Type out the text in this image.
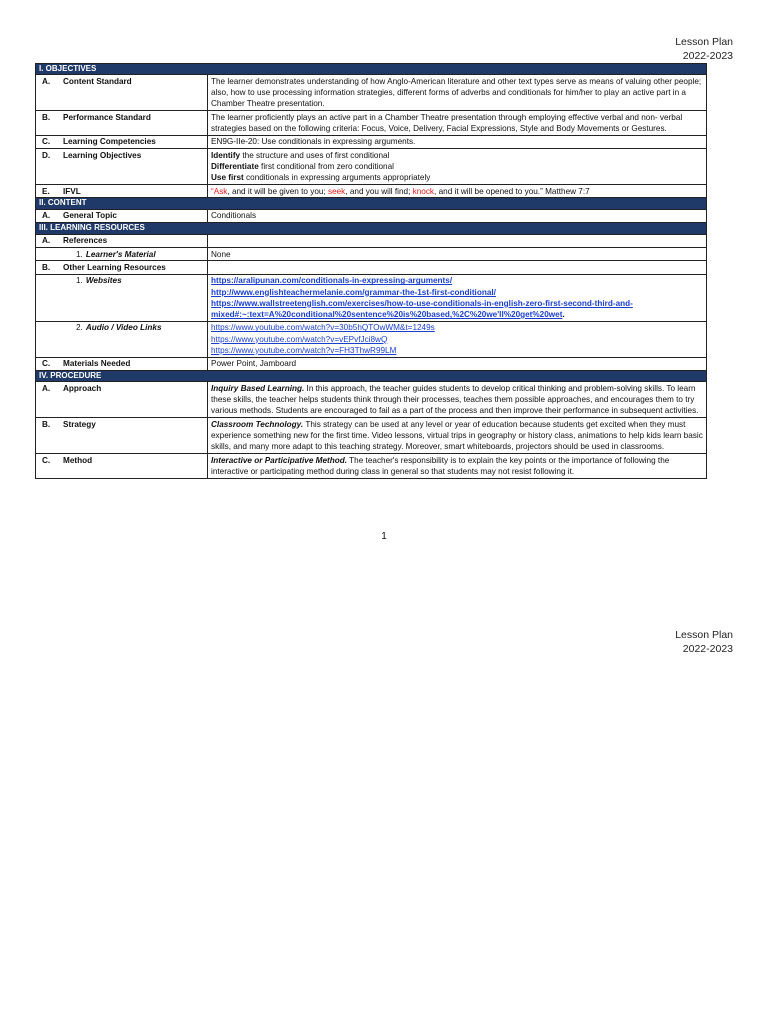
Lesson Plan
2022-2023
I. OBJECTIVES	
A. Content Standard	The learner demonstrates understanding of how Anglo-American literature and other text types serve as means of valuing other people; also, how to use processing information strategies, different forms of adverbs and conditionals for him/her to play an active part in a Chamber Theatre presentation.
B. Performance Standard	The learner proficiently plays an active part in a Chamber Theatre presentation through employing effective verbal and non- verbal strategies based on the following criteria: Focus, Voice, Delivery, Facial Expressions, Style and Body Movements or Gestures.
C. Learning Competencies	EN9G-IIe-20: Use conditionals in expressing arguments.
D. Learning Objectives	Identify the structure and uses of first conditional
Differentiate first conditional from zero conditional
Use first conditionals in expressing arguments appropriately

E. IFVL	“Ask, and it will be given to you; seek, and you will find; knock, and it will be opened to you.” Matthew 7:7
II. CONTENT	
A. General Topic	Conditionals
III. LEARNING RESOURCES	
A. References	
1. Learner's Material	None
B. Other Learning Resources	
1. Websites	https://aralipunan.com/conditionals-in-expressing-arguments/
http://www.englishteachermelanie.com/grammar-the-1st-first-conditional/
https://www.wallstreetenglish.com/exercises/how-to-use-conditionals-in-english-zero-first-second-third-and-mixed#:~:text=A%20conditional%20sentence%20is%20based,%2C%20we'll%20get%20wet.

2. Audio / Video Links	https://www.youtube.com/watch?v=30b5hQTOwWM&t=1249s
https://www.youtube.com/watch?v=vEPvfJci8wQ
https://www.youtube.com/watch?v=FH3ThwR99LM

C. Materials Needed	Power Point, Jamboard
IV. PROCEDURE	
A. Approach	Inquiry Based Learning. In this approach, the teacher guides students to develop critical thinking and problem-solving skills. To learn these skills, the teacher helps students think through their processes, teaches them possible approaches, and encourages them to try various methods. Students are encouraged to fail as a part of the process and then improve their performance in subsequent activities.
B. Strategy	Classroom Technology. This strategy can be used at any level or year of education because students get excited when they must experience something new for the first time. Video lessons, virtual trips in geography or history class, animations to help kids learn basic skills, and many more adapt to this teaching strategy. Moreover, smart whiteboards, projectors should be used in classrooms.
C. Method	Interactive or Participative Method. The teacher's responsibility is to explain the key points or the importance of following the interactive or participating method during class in general so that students may not resist following it.
1
Lesson Plan
2022-2023
